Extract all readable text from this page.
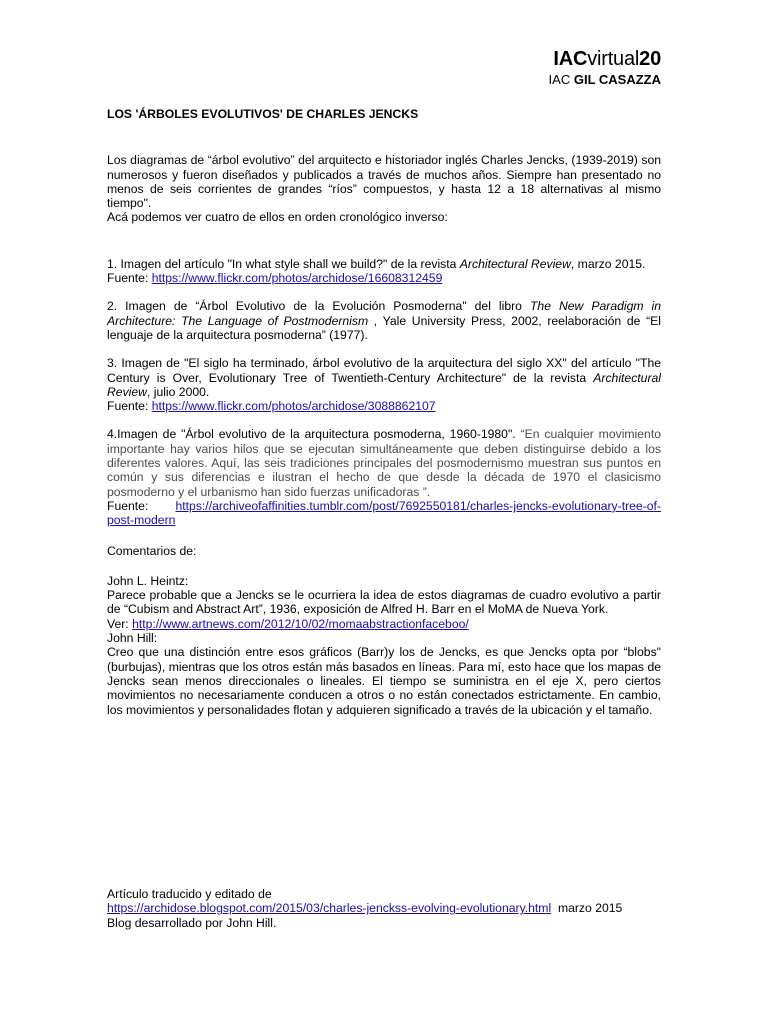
IACvirtual20
IAC GIL CASAZZA
LOS 'ÁRBOLES EVOLUTIVOS' DE CHARLES JENCKS

Los diagramas de “árbol evolutivo” del arquitecto e historiador inglés Charles Jencks, (1939-2019) son numerosos y fueron diseñados y publicados a través de muchos años. Siempre han presentado no menos de seis corrientes de grandes “ríos” compuestos, y hasta 12 a 18 alternativas al mismo tiempo".

Acá podemos ver cuatro de ellos en orden cronológico inverso:

1. Imagen del artículo "In what style shall we build?" de la revista Architectural Review, marzo 2015.

Fuente: https://www.flickr.com/photos/archidose/16608312459

2. Imagen de “Árbol Evolutivo de la Evolución Posmoderna" del libro The New Paradigm in Architecture: The Language of Postmodernism , Yale University Press, 2002, reelaboración de “El lenguaje de la arquitectura posmoderna” (1977).

3. Imagen de "El siglo ha terminado, árbol evolutivo de la arquitectura del siglo XX" del artículo "The Century is Over, Evolutionary Tree of Twentieth-Century Architecture" de la revista Architectural Review, julio 2000.

Fuente: https://www.flickr.com/photos/archidose/3088862107

4.Imagen de "Árbol evolutivo de la arquitectura posmoderna, 1960-1980". “En cualquier movimiento importante hay varios hilos que se ejecutan simultáneamente que deben distinguirse debido a los diferentes valores. Aquí, las seis tradiciones principales del posmodernismo muestran sus puntos en común y sus diferencias e ilustran el hecho de que desde la década de 1970 el clasicismo posmoderno y el urbanismo han sido fuerzas unificadoras ”.

Fuente: https://archiveofaffinities.tumblr.com/post/7692550181/charles-jencks-evolutionary-tree-of-post-modern

Comentarios de:

John L. Heintz:

Parece probable que a Jencks se le ocurriera la idea de estos diagramas de cuadro evolutivo a partir de “Cubism and Abstract Art”, 1936, exposición de Alfred H. Barr en el MoMA de Nueva York.

Ver: http://www.artnews.com/2012/10/02/momaabstractionfaceboo/

John Hill:

Creo que una distinción entre esos gráficos (Barr)y los de Jencks, es que Jencks opta por “blobs" (burbujas), mientras que los otros están más basados en líneas. Para mí, esto hace que los mapas de Jencks sean menos direccionales o lineales. El tiempo se suministra en el eje X, pero ciertos movimientos no necesariamente conducen a otros o no están conectados estrictamente. En cambio, los movimientos y personalidades flotan y adquieren significado a través de la ubicación y el tamaño.

Artículo traducido y editado de

https://archidose.blogspot.com/2015/03/charles-jenckss-evolving-evolutionary.html  marzo 2015

Blog desarrollado por John Hill.
